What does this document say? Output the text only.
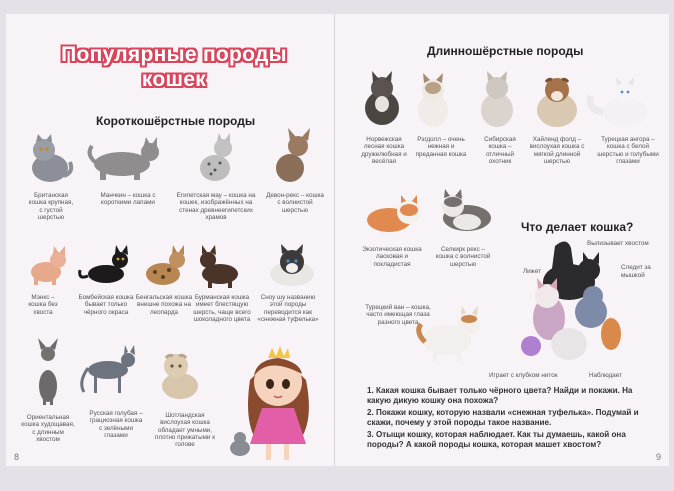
Популярные породы
кошек
Короткошёрстные породы
Британская кошка крупная, с густой шерстью
Манчкин – кошка с короткими лапами
Египетская мау – кошка на кошек, изображённых на стенах древнеегипетских храмов
Девон-рекс – кошка с волнистой шерстью
Мэнкс – кошка без хвоста
Бомбейская кошка бывает только чёрного окраса
Бенгальская кошка внешне похожа на леопарда
Бурманская кошка имеет блестящую шерсть, чаще всего шоколадного цвета
Сноу шу названию этой породы переводится как «снежная туфелька»
Ориентальная кошка худощавая, с длинным хвостом
Русская голубая – грациозная кошка с зелёными глазами
Шотландская вислоухая кошка обладает умными, плотно прижатыми к голове
8
Длинношёрстные породы
Норвежская лесная кошка дружелюбная и весёлая
Рэгдолл – очень нежная и преданная кошка
Сибирская кошка – отличный охотник
Хайленд фолд – вислоухая кошка с мягкой длинной шерстью
Турецкая ангора – кошка с белой шерстью и голубыми глазами
Экзотическая кошка ласковая и покладистая
Селкирк рекс – кошка с волнистой шерстью
Что делает кошка?
Турецкий ван – кошка, часто имеющая глаза разного цвета
Вылизывает хвостом
Лижет
Следит за мышкой
Играет с клубком ниток	Наблюдает
1. Какая кошка бывает только чёрного цвета? Найди и покажи. На какую дикую кошку она похожа?
2. Покажи кошку, которую назвали «снежная туфелька». Подумай и скажи, почему у этой породы такое название.
3. Отыщи кошку, которая наблюдает. Как ты думаешь, какой она породы? А какой породы кошка, которая машет хвостом?
9
